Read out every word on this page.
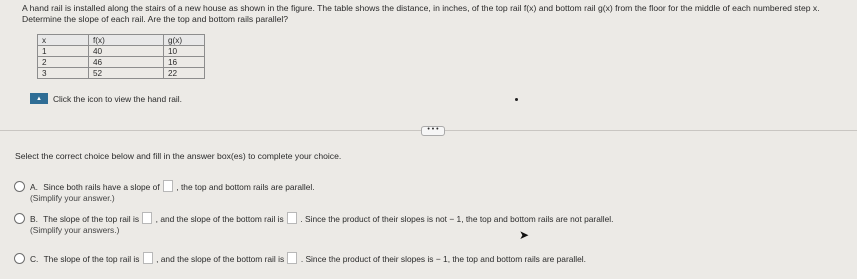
A hand rail is installed along the stairs of a new house as shown in the figure. The table shows the distance, in inches, of the top rail f(x) and bottom rail g(x) from the floor for the middle of each numbered step x. Determine the slope of each rail. Are the top and bottom rails parallel?
x	f(x)	g(x)
1	40	10
2	46	16
3	52	22
▲	Click the icon to view the hand rail.
• • •
Select the correct choice below and fill in the answer box(es) to complete your choice.
A. Since both rails have a slope of , the top and bottom rails are parallel.
(Simplify your answer.)
B. The slope of the top rail is , and the slope of the bottom rail is . Since the product of their slopes is not − 1, the top and bottom rails are not parallel.
(Simplify your answers.)
C. The slope of the top rail is , and the slope of the bottom rail is . Since the product of their slopes is − 1, the top and bottom rails are parallel.
➤
